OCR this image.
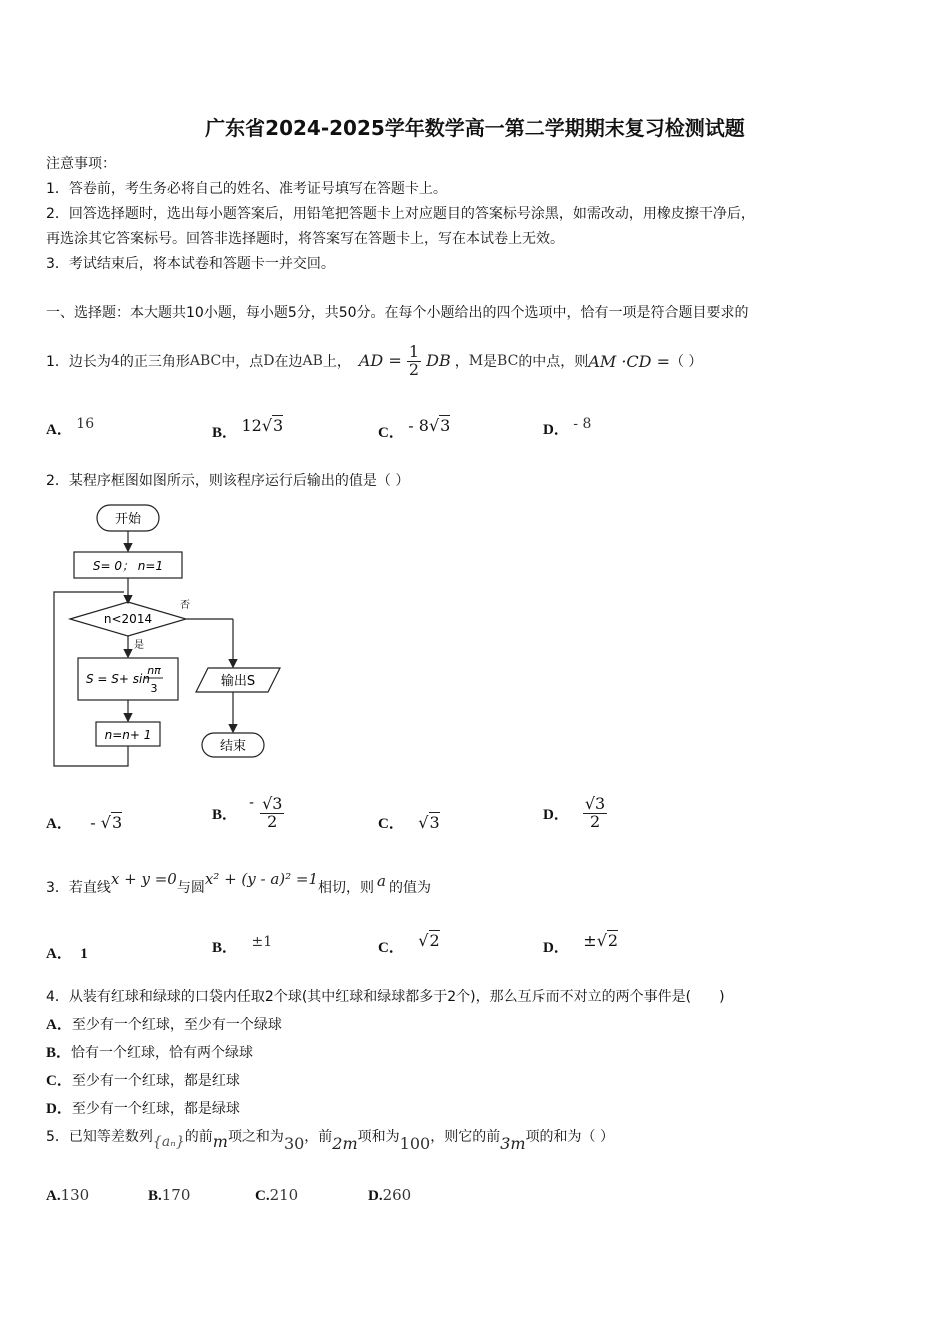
广东省2024-2025学年数学高一第二学期期末复习检测试题
注意事项：
1．答卷前，考生务必将自己的姓名、准考证号填写在答题卡上。
2．回答选择题时，选出每小题答案后，用铅笔把答题卡上对应题目的答案标号涂黑，如需改动，用橡皮擦干净后，
再选涂其它答案标号。回答非选择题时，将答案写在答题卡上，写在本试卷上无效。
3．考试结束后，将本试卷和答题卡一并交回。
一、选择题：本大题共10小题，每小题5分，共50分。在每个小题给出的四个选项中，恰有一项是符合题目要求的
1． 边长为 4 的正三角形 ABC 中，点 D 在边 AB 上， AD = $\frac{1}{2}$ DB ， M 是 BC 的中点，则 AM ·CD = （ ）
A． 16
B． 12√3	C． - 8√3	D． - 8
2．某程序框图如图所示，则该程序运行后输出的值是（ ）
开始
S= 0； n=1
n<2014
否
是
S = S+ sin
nπ
3
n=n+ 1
输出S
结束
A． - √3	B．
- $\frac{√3}{2}$	C． √3	D． $\frac{√3}{2}$
3．若直线 x + y =0 与圆 x² + (y - a)² =1 相切，则 a 的值为
A． 1	B． ±1	C． √2	D． ±√2
4．从装有红球和绿球的口袋内任取2个球(其中红球和绿球都多于2个)，那么互斥而不对立的两个事件是(　　)
A．至少有一个红球，至少有一个绿球
B．恰有一个红球，恰有两个绿球
C．至少有一个红球，都是红球
D．至少有一个红球，都是绿球
5．已知等差数列 {aₙ} 的前 m 项之和为 30 ，前 2m 项和为 100 ，则它的前 3m 项的和为（ ）
A.130	B.170	C.210	D.260
